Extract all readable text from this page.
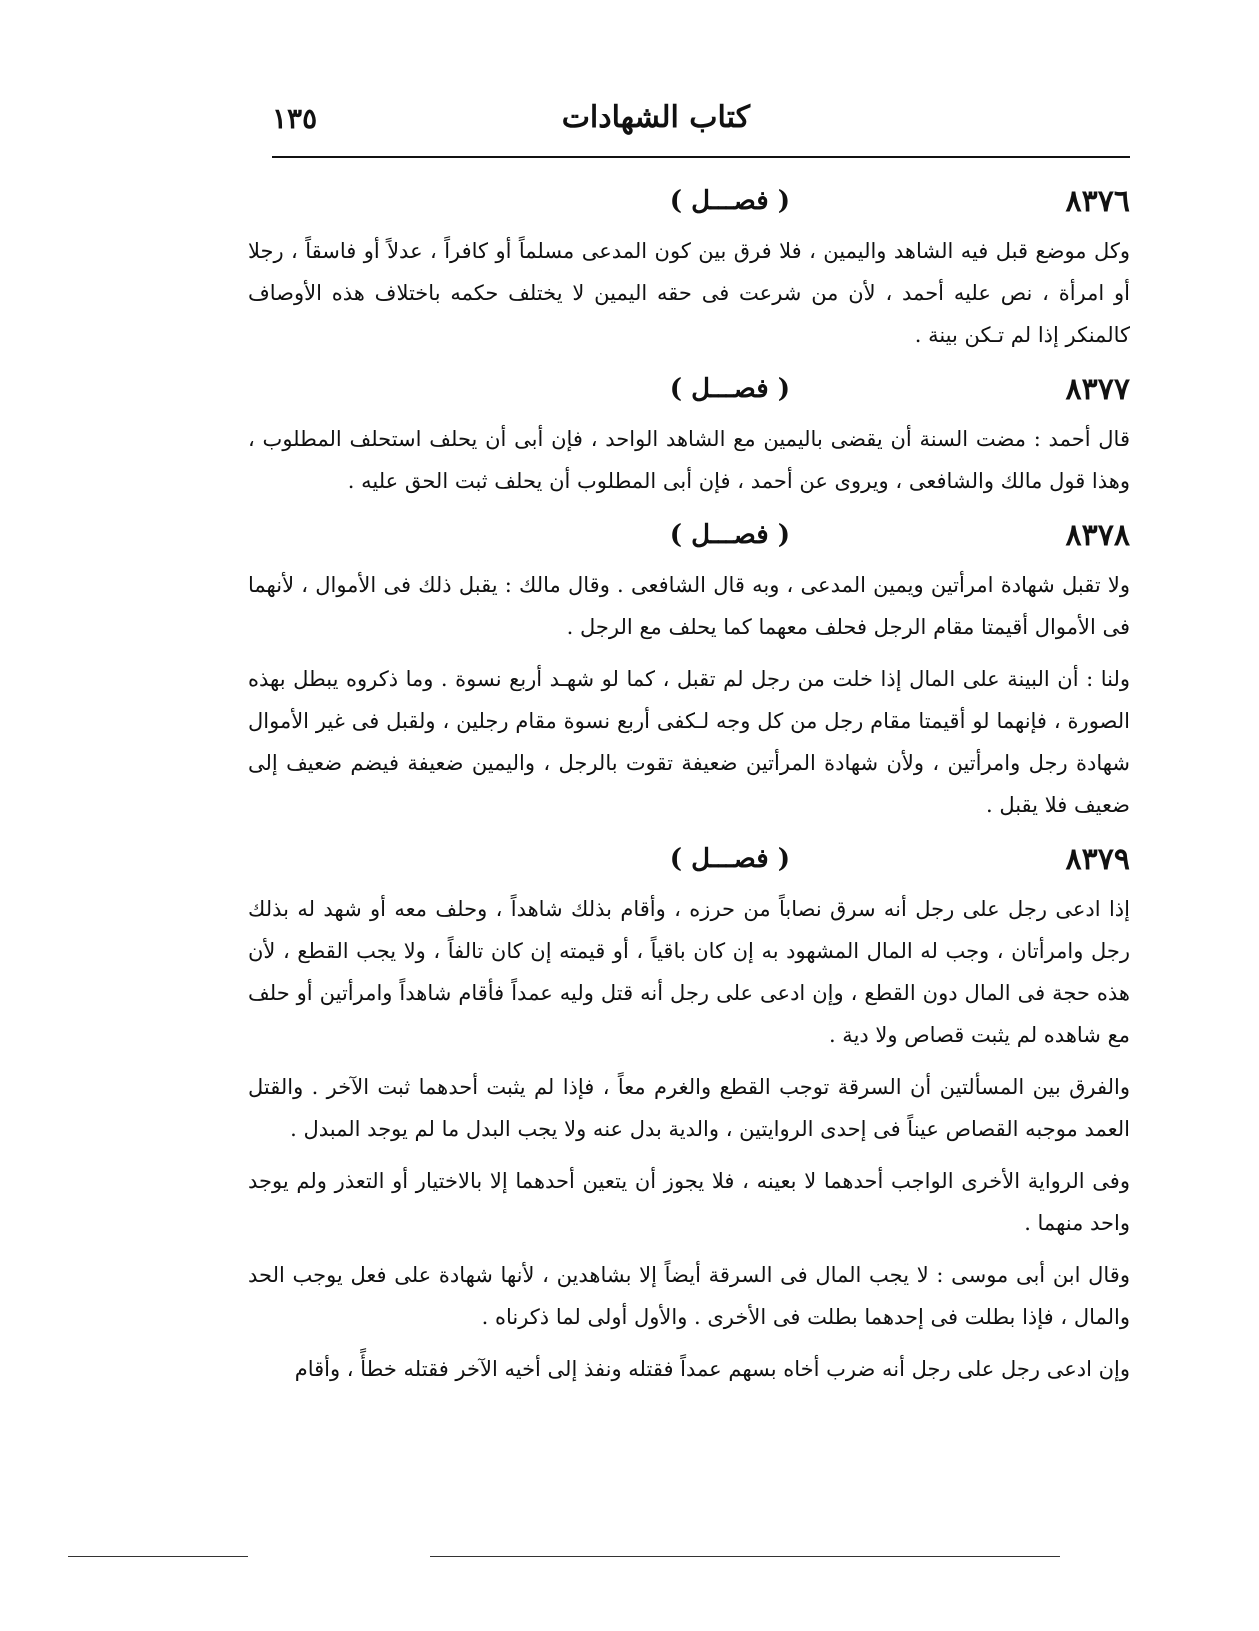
كتاب الشهادات
١٣٥
٨٣٧٦
( فصـــل )

وكل موضع قبل فيه الشاهد واليمين ، فلا فرق بين كون المدعى مسلماً أو كافراً ، عدلاً أو فاسقاً ، رجلا أو امرأة ، نص عليه أحمد ، لأن من شرعت فى حقه اليمين لا يختلف حكمه باختلاف هذه الأوصاف كالمنكر إذا لم تـكن بينة .

٨٣٧٧
( فصـــل )

قال أحمد : مضت السنة أن يقضى باليمين مع الشاهد الواحد ، فإن أبى أن يحلف استحلف المطلوب ، وهذا قول مالك والشافعى ، ويروى عن أحمد ، فإن أبى المطلوب أن يحلف ثبت الحق عليه .

٨٣٧٨
( فصـــل )

ولا تقبل شهادة امرأتين ويمين المدعى ، وبه قال الشافعى . وقال مالك : يقبل ذلك فى الأموال ، لأنهما فى الأموال أقيمتا مقام الرجل فحلف معهما كما يحلف مع الرجل .

ولنا : أن البينة على المال إذا خلت من رجل لم تقبل ، كما لو شهـد أربع نسوة . وما ذكروه يبطل بهذه الصورة ، فإنهما لو أقيمتا مقام رجل من كل وجه لـكفى أربع نسوة مقام رجلين ، ولقبل فى غير الأموال شهادة رجل وامرأتين ، ولأن شهادة المرأتين ضعيفة تقوت بالرجل ، واليمين ضعيفة فيضم ضعيف إلى ضعيف فلا يقبل .

٨٣٧٩
( فصـــل )

إذا ادعى رجل على رجل أنه سرق نصاباً من حرزه ، وأقام بذلك شاهداً ، وحلف معه أو شهد له بذلك رجل وامرأتان ، وجب له المال المشهود به إن كان باقياً ، أو قيمته إن كان تالفاً ، ولا يجب القطع ، لأن هذه حجة فى المال دون القطع ، وإن ادعى على رجل أنه قتل وليه عمداً فأقام شاهداً وامرأتين أو حلف مع شاهده لم يثبت قصاص ولا دية .

والفرق بين المسألتين أن السرقة توجب القطع والغرم معاً ، فإذا لم يثبت أحدهما ثبت الآخر . والقتل العمد موجبه القصاص عيناً فى إحدى الروايتين ، والدية بدل عنه ولا يجب البدل ما لم يوجد المبدل .

وفى الرواية الأخرى الواجب أحدهما لا بعينه ، فلا يجوز أن يتعين أحدهما إلا بالاختيار أو التعذر ولم يوجد واحد منهما .

وقال ابن أبى موسى : لا يجب المال فى السرقة أيضاً إلا بشاهدين ، لأنها شهادة على فعل يوجب الحد والمال ، فإذا بطلت فى إحدهما بطلت فى الأخرى . والأول أولى لما ذكرناه .

وإن ادعى رجل على رجل أنه ضرب أخاه بسهم عمداً فقتله ونفذ إلى أخيه الآخر فقتله خطأً ، وأقام
